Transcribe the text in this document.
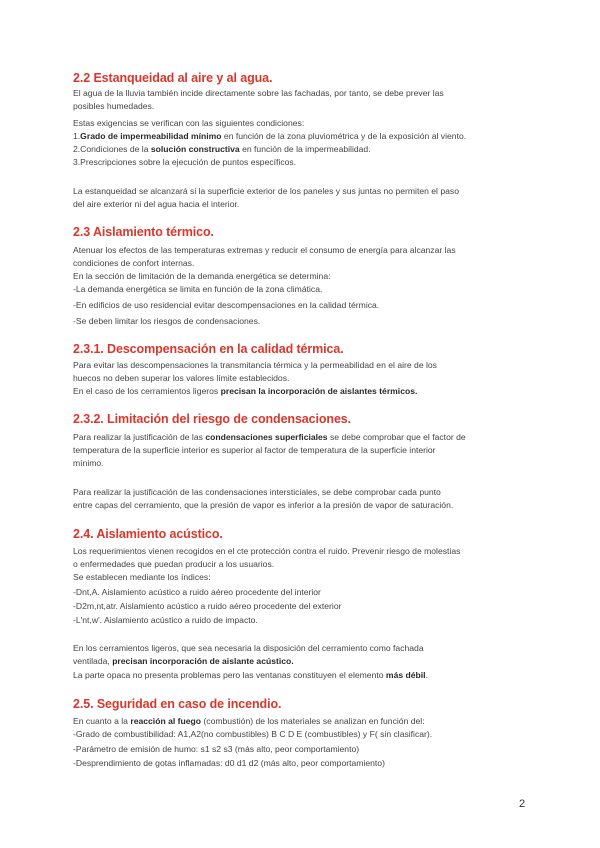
2.2 Estanqueidad al aire y al agua.
El agua de la lluvia también incide directamente sobre las fachadas, por tanto, se debe prever las
posibles humedades.
Estas exigencias se verifican con las siguientes condiciones:
1.Grado de impermeabilidad mínimo en función de la zona pluviométrica y de la exposición al viento.
2.Condiciones de la solución constructiva en función de la impermeabilidad.
3.Prescripciones sobre la ejecución de puntos específicos.
La estanqueidad se alcanzará si la superficie exterior de los paneles y sus juntas no permiten el paso
del aire exterior ni del agua hacia el interior.
2.3 Aislamiento térmico.
Atenuar los efectos de las temperaturas extremas y reducir el consumo de energía para alcanzar las
condiciones de confort internas.
En la sección de limitación de la demanda energética se determina:
-La demanda energética se limita en función de la zona climática.
-En edificios de uso residencial evitar descompensaciones en la calidad térmica.
-Se deben limitar los riesgos de condensaciones.
2.3.1. Descompensación en la calidad térmica.
Para evitar las descompensaciones la transmitancia térmica y la permeabilidad en el aire de los
huecos no deben superar los valores límite establecidos.
En el caso de los cerramientos ligeros precisan la incorporación de aislantes térmicos.
2.3.2. Limitación del riesgo de condensaciones.
Para realizar la justificación de las condensaciones superficiales se debe comprobar que el factor de
temperatura de la superficie interior es superior al factor de temperatura de la superficie interior
mínimo.
Para realizar la justificación de las condensaciones intersticiales, se debe comprobar cada punto
entre capas del cerramiento, que la presión de vapor es inferior a la presión de vapor de saturación.
2.4. Aislamiento acústico.
Los requerimientos vienen recogidos en el cte protección contra el ruido. Prevenir riesgo de molestias
o enfermedades que puedan producir a los usuarios.
Se establecen mediante los índices:
-Dnt,A. Aislamiento acústico a ruido aéreo procedente del interior
-D2m,nt,atr. Aislamiento acústico a ruido aéreo procedente del exterior
-L'nt,w'. Aislamiento acústico a ruido de impacto.
En los cerramientos ligeros, que sea necesaria la disposición del cerramiento como fachada
ventilada, precisan incorporación de aislante acústico.
La parte opaca no presenta problemas pero las ventanas constituyen el elemento más débil.
2.5. Seguridad en caso de incendio.
En cuanto a la reacción al fuego (combustión) de los materiales se analizan en función del:
-Grado de combustibilidad: A1,A2(no combustibles) B C D E (combustibles) y F( sin clasificar).
-Parámetro de emisión de humo: s1 s2 s3 (más alto, peor comportamiento)
-Desprendimiento de gotas inflamadas: d0 d1 d2 (más alto, peor comportamiento)
2
